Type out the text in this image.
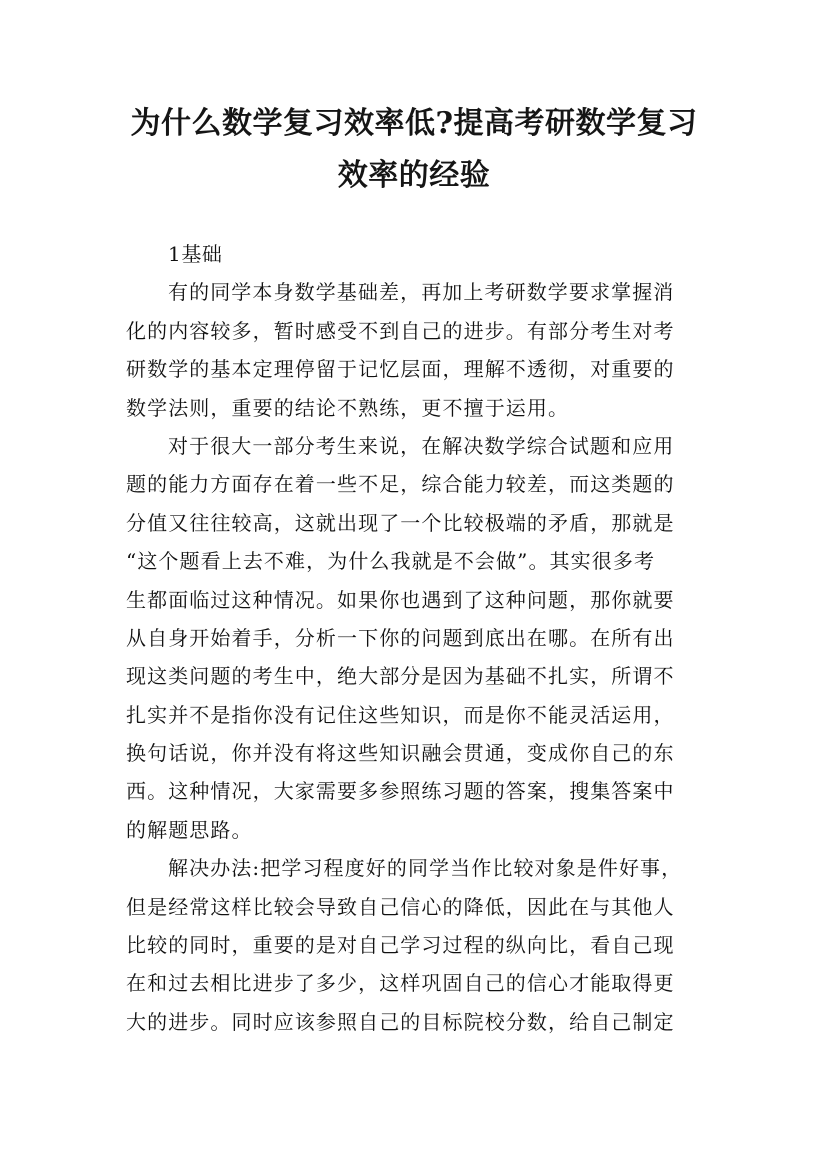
为什么数学复习效率低?提高考研数学复习
效率的经验
1基础
有的同学本身数学基础差，再加上考研数学要求掌握消
化的内容较多，暂时感受不到自己的进步。有部分考生对考
研数学的基本定理停留于记忆层面，理解不透彻，对重要的
数学法则，重要的结论不熟练，更不擅于运用。
对于很大一部分考生来说，在解决数学综合试题和应用
题的能力方面存在着一些不足，综合能力较差，而这类题的
分值又往往较高，这就出现了一个比较极端的矛盾，那就是
“这个题看上去不难，为什么我就是不会做”。其实很多考
生都面临过这种情况。如果你也遇到了这种问题，那你就要
从自身开始着手，分析一下你的问题到底出在哪。在所有出
现这类问题的考生中，绝大部分是因为基础不扎实，所谓不
扎实并不是指你没有记住这些知识，而是你不能灵活运用，
换句话说，你并没有将这些知识融会贯通，变成你自己的东
西。这种情况，大家需要多参照练习题的答案，搜集答案中
的解题思路。
解决办法:把学习程度好的同学当作比较对象是件好事，
但是经常这样比较会导致自己信心的降低，因此在与其他人
比较的同时，重要的是对自己学习过程的纵向比，看自己现
在和过去相比进步了多少，这样巩固自己的信心才能取得更
大的进步。同时应该参照自己的目标院校分数，给自己制定
